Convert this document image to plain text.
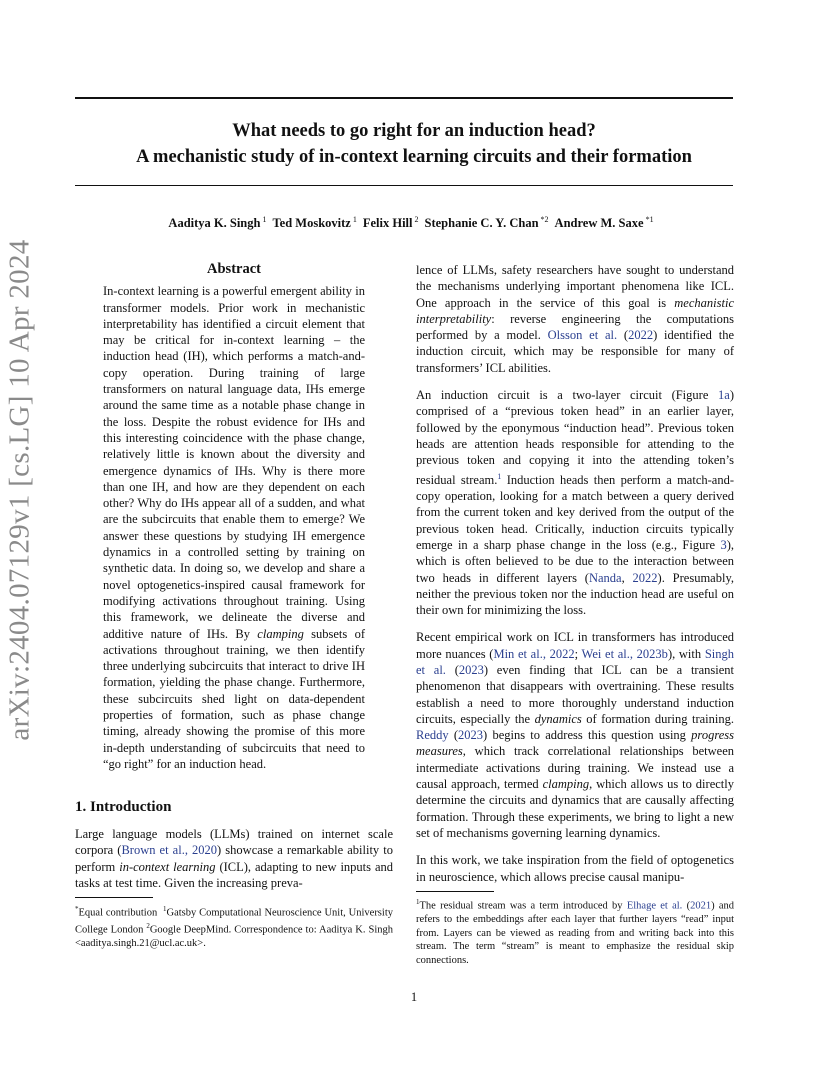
arXiv:2404.07129v1 [cs.LG] 10 Apr 2024
What needs to go right for an induction head?
A mechanistic study of in-context learning circuits and their formation
Aaditya K. Singh $^1$ Ted Moskovitz $^1$ Felix Hill $^2$ Stephanie C. Y. Chan $^{*2}$ Andrew M. Saxe $^{*1}$
Abstract
In-context learning is a powerful emergent ability in transformer models. Prior work in mechanistic interpretability has identified a circuit element that may be critical for in-context learning – the induction head (IH), which performs a match-and-copy operation. During training of large transformers on natural language data, IHs emerge around the same time as a notable phase change in the loss. Despite the robust evidence for IHs and this interesting coincidence with the phase change, relatively little is known about the diversity and emergence dynamics of IHs. Why is there more than one IH, and how are they dependent on each other? Why do IHs appear all of a sudden, and what are the subcircuits that enable them to emerge? We answer these questions by studying IH emergence dynamics in a controlled setting by training on synthetic data. In doing so, we develop and share a novel optogenetics-inspired causal framework for modifying activations throughout training. Using this framework, we delineate the diverse and additive nature of IHs. By clamping subsets of activations throughout training, we then identify three underlying subcircuits that interact to drive IH formation, yielding the phase change. Furthermore, these subcircuits shed light on data-dependent properties of formation, such as phase change timing, already showing the promise of this more in-depth understanding of subcircuits that need to “go right” for an induction head.
1. Introduction
Large language models (LLMs) trained on internet scale corpora (Brown et al., 2020) showcase a remarkable ability to perform in-context learning (ICL), adapting to new inputs and tasks at test time. Given the increasing preva-
*Equal contribution  $^1$Gatsby Computational Neuroscience Unit, University College London $^2$Google DeepMind. Correspondence to: Aaditya K. Singh <aaditya.singh.21@ucl.ac.uk>.

lence of LLMs, safety researchers have sought to understand the mechanisms underlying important phenomena like ICL. One approach in the service of this goal is mechanistic interpretability: reverse engineering the computations performed by a model. Olsson et al. (2022) identified the induction circuit, which may be responsible for many of transformers’ ICL abilities.

An induction circuit is a two-layer circuit (Figure 1a) comprised of a “previous token head” in an earlier layer, followed by the eponymous “induction head”. Previous token heads are attention heads responsible for attending to the previous token and copying it into the attending token’s residual stream.$^1$ Induction heads then perform a match-and-copy operation, looking for a match between a query derived from the current token and key derived from the output of the previous token head. Critically, induction circuits typically emerge in a sharp phase change in the loss (e.g., Figure 3), which is often believed to be due to the interaction between two heads in different layers (Nanda, 2022). Presumably, neither the previous token nor the induction head are useful on their own for minimizing the loss.

Recent empirical work on ICL in transformers has introduced more nuances (Min et al., 2022; Wei et al., 2023b), with Singh et al. (2023) even finding that ICL can be a transient phenomenon that disappears with overtraining. These results establish a need to more thoroughly understand induction circuits, especially the dynamics of formation during training. Reddy (2023) begins to address this question using progress measures, which track correlational relationships between intermediate activations during training. We instead use a causal approach, termed clamping, which allows us to directly determine the circuits and dynamics that are causally affecting formation. Through these experiments, we bring to light a new set of mechanisms governing learning dynamics.

In this work, we take inspiration from the field of optogenetics in neuroscience, which allows precise causal manipu-

$^1$The residual stream was a term introduced by Elhage et al. (2021) and refers to the embeddings after each layer that further layers “read” input from. Layers can be viewed as reading from and writing back into this stream. The term “stream” is meant to emphasize the residual skip connections.
1
